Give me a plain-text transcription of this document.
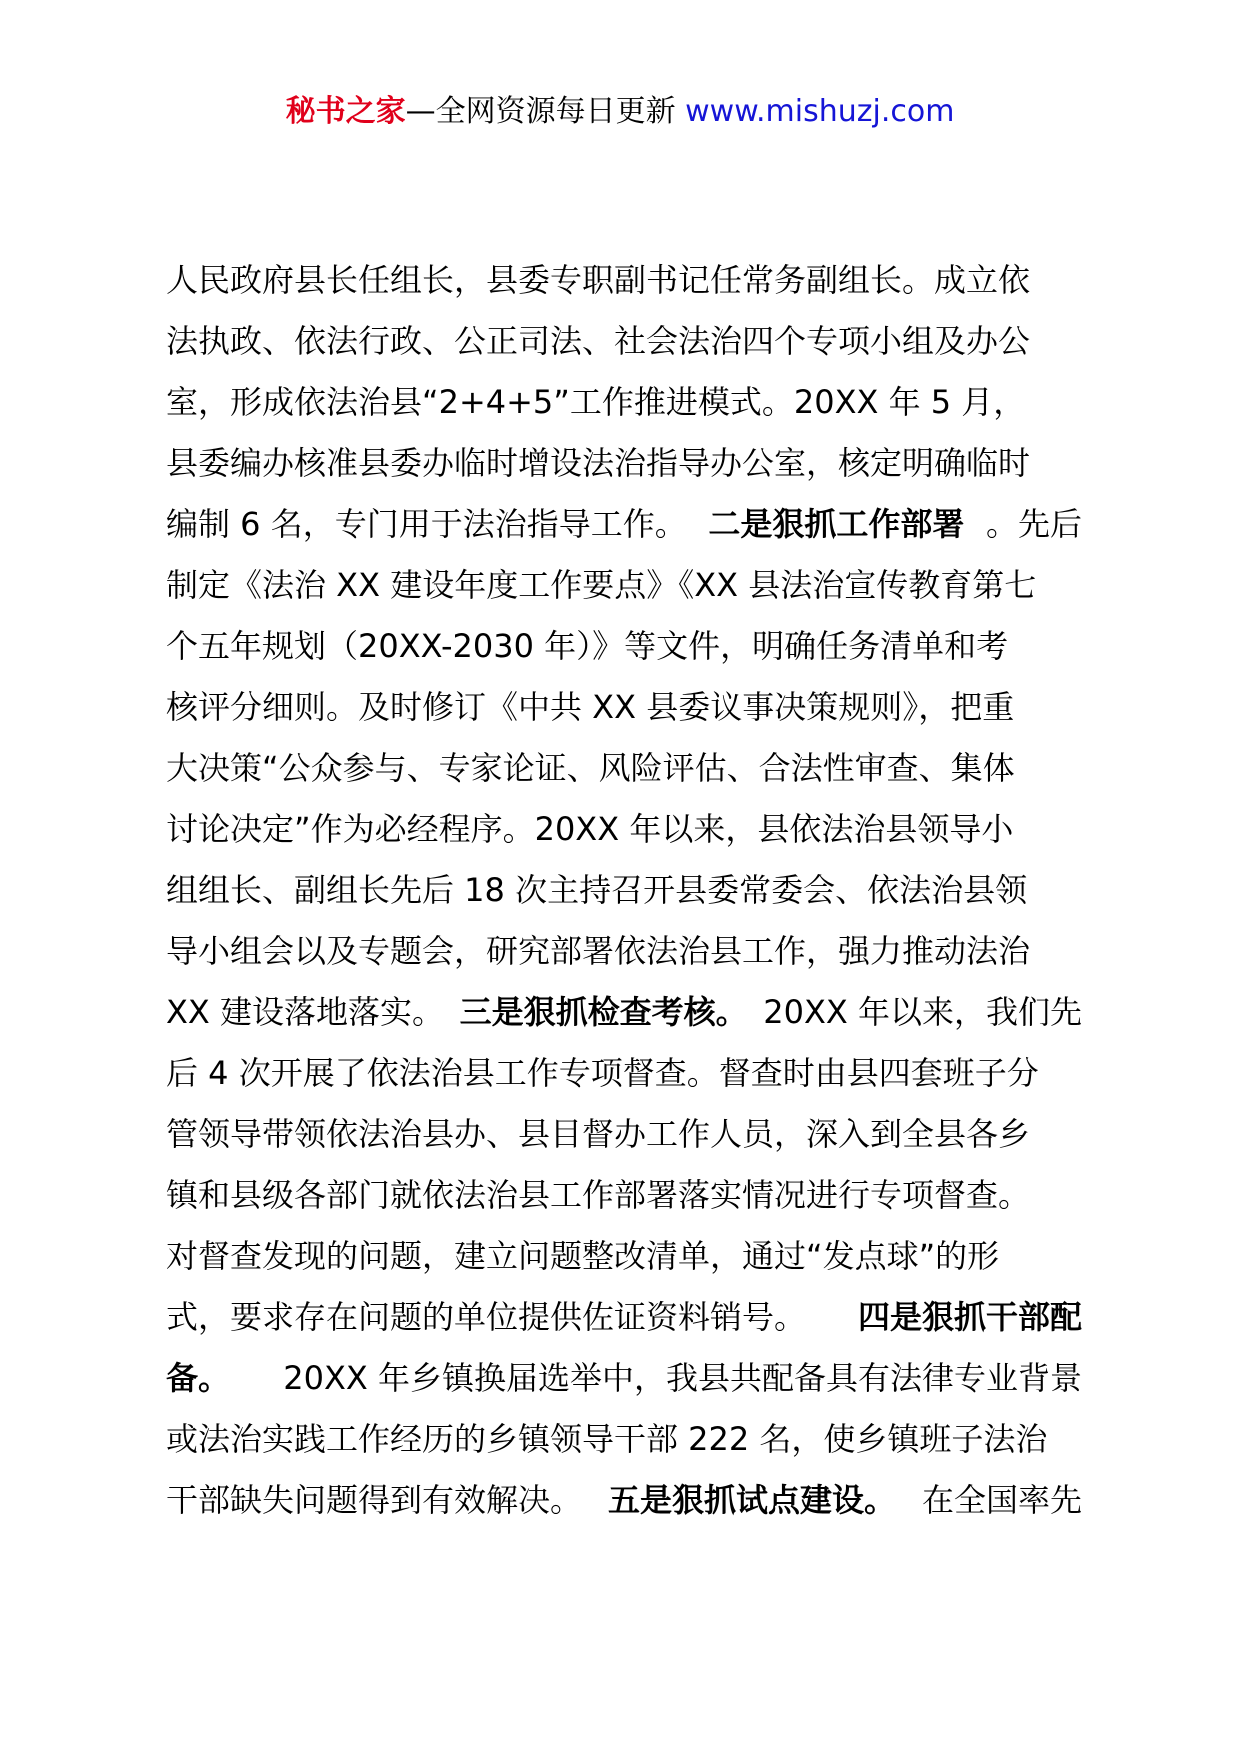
秘书之家—全网资源每日更新 www.mishuzj.com
人民政府县长任组长，县委专职副书记任常务副组长。成立依
法执政、依法行政、公正司法、社会法治四个专项小组及办公
室，形成依法治县“2+4+5”工作推进模式。20XX 年 5 月，
县委编办核准县委办临时增设法治指导办公室，核定明确临时
编制 6 名，专门用于法治指导工作。 二是狠抓工作部署 。先后
制定《法治 XX 建设年度工作要点》《XX 县法治宣传教育第七
个五年规划（20XX-2030 年）》等文件，明确任务清单和考
核评分细则。及时修订《中共 XX 县委议事决策规则》，把重
大决策“公众参与、专家论证、风险评估、合法性审查、集体
讨论决定”作为必经程序。20XX 年以来，县依法治县领导小
组组长、副组长先后 18 次主持召开县委常委会、依法治县领
导小组会以及专题会，研究部署依法治县工作，强力推动法治
XX 建设落地落实。 三是狠抓检查考核。 20XX 年以来，我们先
后 4 次开展了依法治县工作专项督查。督查时由县四套班子分
管领导带领依法治县办、县目督办工作人员，深入到全县各乡
镇和县级各部门就依法治县工作部署落实情况进行专项督查。
对督查发现的问题，建立问题整改清单，通过“发点球”的形
式，要求存在问题的单位提供佐证资料销号。 四是狠抓干部配
备。 20XX 年乡镇换届选举中，我县共配备具有法律专业背景
或法治实践工作经历的乡镇领导干部 222 名，使乡镇班子法治
干部缺失问题得到有效解决。 五是狠抓试点建设。 在全国率先
